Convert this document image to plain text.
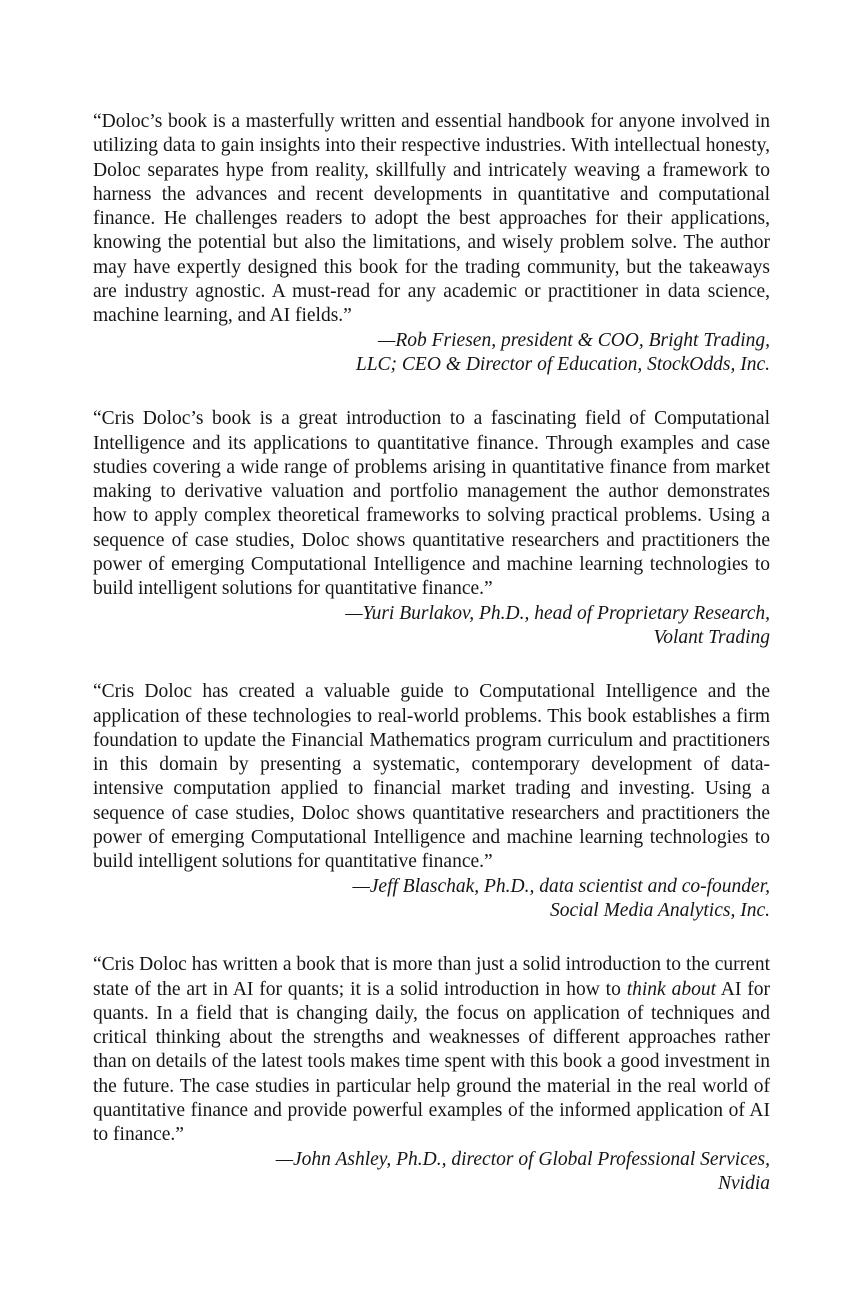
“Doloc’s book is a masterfully written and essential handbook for anyone involved in utilizing data to gain insights into their respective industries. With intellectual honesty, Doloc separates hype from reality, skillfully and intricately weaving a framework to harness the advances and recent developments in quantitative and computational finance. He challenges readers to adopt the best approaches for their applications, knowing the potential but also the limitations, and wisely problem solve. The author may have expertly designed this book for the trading community, but the takeaways are industry agnostic. A must-read for any academic or practitioner in data science, machine learning, and AI fields.”

—Rob Friesen, president & COO, Bright Trading,
LLC; CEO & Director of Education, StockOdds, Inc.

“Cris Doloc’s book is a great introduction to a fascinating field of Computational Intelligence and its applications to quantitative finance. Through examples and case studies covering a wide range of problems arising in quantitative finance from market making to derivative valuation and portfolio management the author demonstrates how to apply complex theoretical frameworks to solving practical problems. Using a sequence of case studies, Doloc shows quantitative researchers and practitioners the power of emerging Computational Intelligence and machine learning technologies to build intelligent solutions for quantitative finance.”

—Yuri Burlakov, Ph.D., head of Proprietary Research,
Volant Trading

“Cris Doloc has created a valuable guide to Computational Intelligence and the application of these technologies to real-world problems. This book establishes a firm foundation to update the Financial Mathematics program curriculum and practitioners in this domain by presenting a systematic, contemporary development of data-intensive computation applied to financial market trading and investing. Using a sequence of case studies, Doloc shows quantitative researchers and practitioners the power of emerging Computational Intelligence and machine learning technologies to build intelligent solutions for quantitative finance.”

—Jeff Blaschak, Ph.D., data scientist and co-founder,
Social Media Analytics, Inc.

“Cris Doloc has written a book that is more than just a solid introduction to the current state of the art in AI for quants; it is a solid introduction in how to think about AI for quants. In a field that is changing daily, the focus on application of techniques and critical thinking about the strengths and weaknesses of different approaches rather than on details of the latest tools makes time spent with this book a good investment in the future. The case studies in particular help ground the material in the real world of quantitative finance and provide powerful examples of the informed application of AI to finance.”

—John Ashley, Ph.D., director of Global Professional Services,
Nvidia
